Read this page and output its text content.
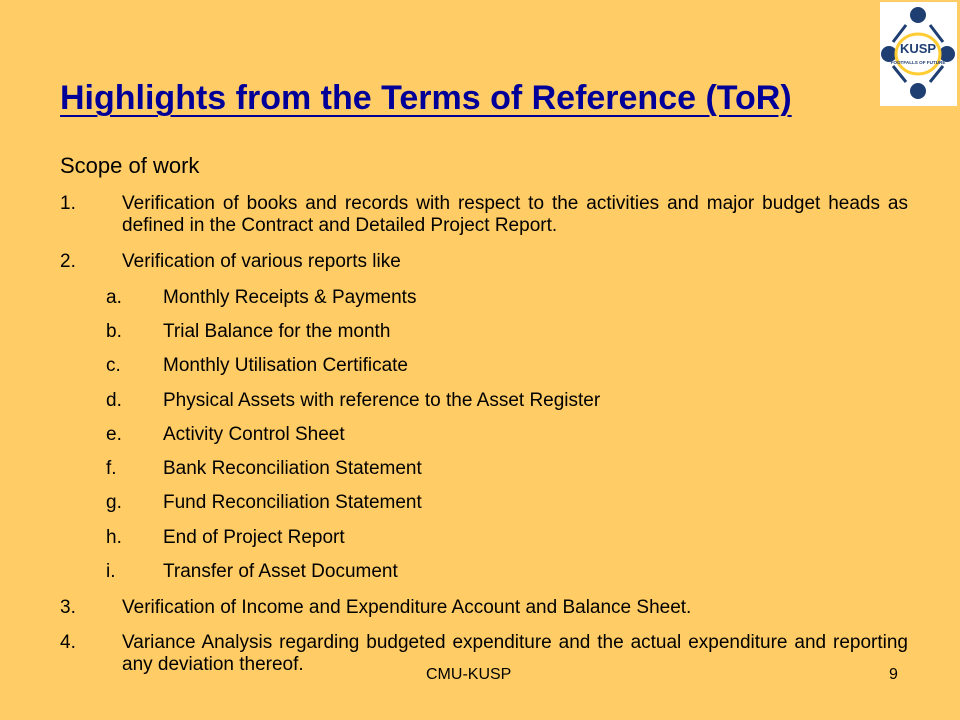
KUSP
FOOTFALLS OF FUTURE
Highlights from the Terms of Reference (ToR)
Scope of work
1. Verification of books and records with respect to the activities and major budget heads as defined in the Contract and Detailed Project Report.
2. Verification of various reports like
a. Monthly Receipts & Payments
b. Trial Balance for the month
c. Monthly Utilisation Certificate
d. Physical Assets with reference to the Asset Register
e. Activity Control Sheet
f. Bank Reconciliation Statement
g. Fund Reconciliation Statement
h. End of Project Report
i.	Transfer of Asset Document
3. Verification of Income and Expenditure Account and Balance Sheet.
4. Variance Analysis regarding budgeted expenditure and the actual expenditure and reporting any deviation thereof.	CMU-KUSP	9
